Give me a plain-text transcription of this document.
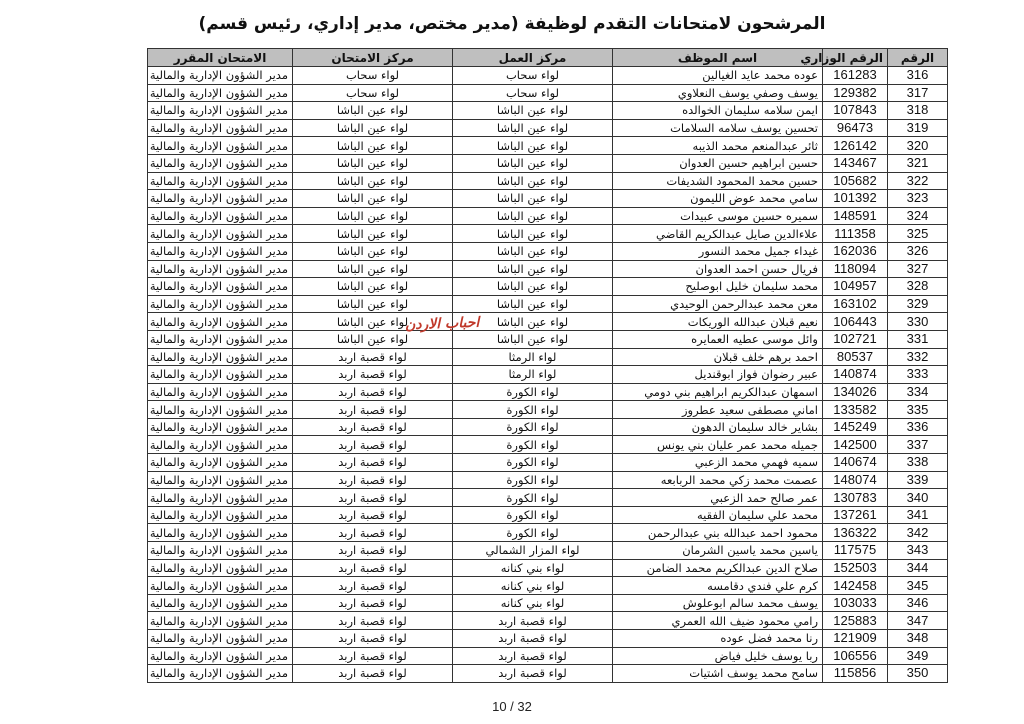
المرشحون لامتحانات التقدم لوظيفة (مدير مختص، مدير إداري، رئيس قسم)
الرقم	الرقم الوزاري	اسم الموظف	مركز العمل	مركز الامتحان	الامتحان المقرر
316	161283	عوده محمد عايد الغيالين	لواء سحاب	لواء سحاب	مدير الشؤون الإدارية والمالية
317	129382	يوسف وصفي يوسف النعلاوي	لواء سحاب	لواء سحاب	مدير الشؤون الإدارية والمالية
318	107843	ايمن سلامه سليمان الخوالده	لواء عين الباشا	لواء عين الباشا	مدير الشؤون الإدارية والمالية
319	96473	تحسين يوسف سلامه السلامات	لواء عين الباشا	لواء عين الباشا	مدير الشؤون الإدارية والمالية
320	126142	ثائر عبدالمنعم محمد الذيبه	لواء عين الباشا	لواء عين الباشا	مدير الشؤون الإدارية والمالية
321	143467	حسين ابراهيم حسين العدوان	لواء عين الباشا	لواء عين الباشا	مدير الشؤون الإدارية والمالية
322	105682	حسين محمد المحمود الشديفات	لواء عين الباشا	لواء عين الباشا	مدير الشؤون الإدارية والمالية
323	101392	سامي محمد عوض الليمون	لواء عين الباشا	لواء عين الباشا	مدير الشؤون الإدارية والمالية
324	148591	سميره حسين موسى عبيدات	لواء عين الباشا	لواء عين الباشا	مدير الشؤون الإدارية والمالية
325	111358	علاءالدين صايل عبدالكريم القاضي	لواء عين الباشا	لواء عين الباشا	مدير الشؤون الإدارية والمالية
326	162036	غيداء جميل محمد النسور	لواء عين الباشا	لواء عين الباشا	مدير الشؤون الإدارية والمالية
327	118094	فريال حسن احمد العدوان	لواء عين الباشا	لواء عين الباشا	مدير الشؤون الإدارية والمالية
328	104957	محمد سليمان خليل ابوصليح	لواء عين الباشا	لواء عين الباشا	مدير الشؤون الإدارية والمالية
329	163102	معن محمد عبدالرحمن الوحيدي	لواء عين الباشا	لواء عين الباشا	مدير الشؤون الإدارية والمالية
330	106443	نعيم قبلان عبدالله الوريكات	لواء عين الباشا	لواء عين الباشا	مدير الشؤون الإدارية والمالية
331	102721	وائل موسى عطيه العمايره	لواء عين الباشا	لواء عين الباشا	مدير الشؤون الإدارية والمالية
332	80537	احمد برهم خلف قبلان	لواء الرمثا	لواء قصبة اربد	مدير الشؤون الإدارية والمالية
333	140874	عبير رضوان فواز ابوقنديل	لواء الرمثا	لواء قصبة اربد	مدير الشؤون الإدارية والمالية
334	134026	اسمهان عبدالكريم ابراهيم بني دومي	لواء الكورة	لواء قصبة اربد	مدير الشؤون الإدارية والمالية
335	133582	اماني مصطفى سعيد عطروز	لواء الكورة	لواء قصبة اربد	مدير الشؤون الإدارية والمالية
336	145249	بشاير خالد سليمان الدهون	لواء الكورة	لواء قصبة اربد	مدير الشؤون الإدارية والمالية
337	142500	جميله محمد عمر عليان بني يونس	لواء الكورة	لواء قصبة اربد	مدير الشؤون الإدارية والمالية
338	140674	سميه فهمي محمد الزعبي	لواء الكورة	لواء قصبة اربد	مدير الشؤون الإدارية والمالية
339	148074	عصمت محمد زكي محمد الربابعه	لواء الكورة	لواء قصبة اربد	مدير الشؤون الإدارية والمالية
340	130783	عمر صالح حمد الزعبي	لواء الكورة	لواء قصبة اربد	مدير الشؤون الإدارية والمالية
341	137261	محمد علي سليمان الفقيه	لواء الكورة	لواء قصبة اربد	مدير الشؤون الإدارية والمالية
342	136322	محمود احمد عبدالله بني عبدالرحمن	لواء الكورة	لواء قصبة اربد	مدير الشؤون الإدارية والمالية
343	117575	ياسين محمد ياسين الشرمان	لواء المزار الشمالي	لواء قصبة اربد	مدير الشؤون الإدارية والمالية
344	152503	صلاح الدين عبدالكريم محمد الضامن	لواء بني كنانه	لواء قصبة اربد	مدير الشؤون الإدارية والمالية
345	142458	كرم علي فندي دقامسه	لواء بني كنانه	لواء قصبة اربد	مدير الشؤون الإدارية والمالية
346	103033	يوسف محمد سالم ابوعلوش	لواء بني كنانه	لواء قصبة اربد	مدير الشؤون الإدارية والمالية
347	125883	رامي محمود ضيف الله العمري	لواء قصبة اربد	لواء قصبة اربد	مدير الشؤون الإدارية والمالية
348	121909	رنا محمد فضل عوده	لواء قصبة اربد	لواء قصبة اربد	مدير الشؤون الإدارية والمالية
349	106556	ربا يوسف خليل فياض	لواء قصبة اربد	لواء قصبة اربد	مدير الشؤون الإدارية والمالية
350	115856	سامح محمد يوسف اشتيات	لواء قصبة اربد	لواء قصبة اربد	مدير الشؤون الإدارية والمالية
احباب الاردن
10 / 32
